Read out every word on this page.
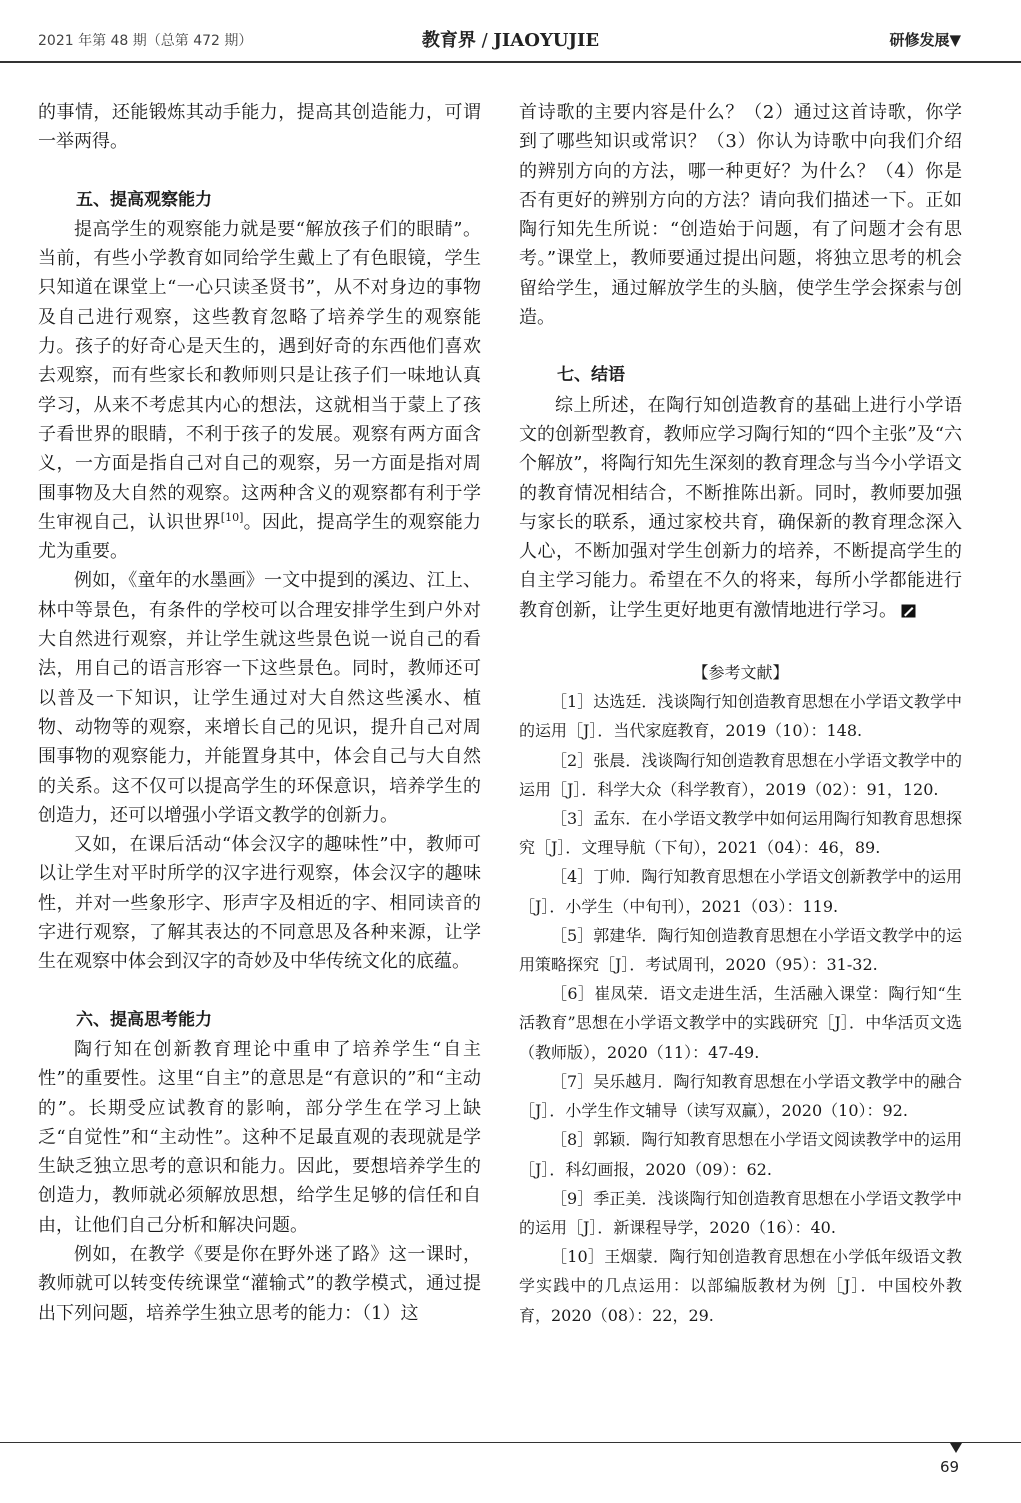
2021 年第 48 期（总第 472 期）	教育界 / JIAOYUJIE	研修发展▼

的事情，还能锻炼其动手能力，提高其创造能力，可谓一举两得。

五、提高观察能力

提高学生的观察能力就是要“解放孩子们的眼睛”。当前，有些小学教育如同给学生戴上了有色眼镜，学生只知道在课堂上“一心只读圣贤书”，从不对身边的事物及自己进行观察，这些教育忽略了培养学生的观察能力。孩子的好奇心是天生的，遇到好奇的东西他们喜欢去观察，而有些家长和教师则只是让孩子们一味地认真学习，从来不考虑其内心的想法，这就相当于蒙上了孩子看世界的眼睛，不利于孩子的发展。观察有两方面含义，一方面是指自己对自己的观察，另一方面是指对周围事物及大自然的观察。这两种含义的观察都有利于学生审视自己，认识世界[10]。因此，提高学生的观察能力尤为重要。

例如，《童年的水墨画》一文中提到的溪边、江上、林中等景色，有条件的学校可以合理安排学生到户外对大自然进行观察，并让学生就这些景色说一说自己的看法，用自己的语言形容一下这些景色。同时，教师还可以普及一下知识，让学生通过对大自然这些溪水、植物、动物等的观察，来增长自己的见识，提升自己对周围事物的观察能力，并能置身其中，体会自己与大自然的关系。这不仅可以提高学生的环保意识，培养学生的创造力，还可以增强小学语文教学的创新力。

又如，在课后活动“体会汉字的趣味性”中，教师可以让学生对平时所学的汉字进行观察，体会汉字的趣味性，并对一些象形字、形声字及相近的字、相同读音的字进行观察，了解其表达的不同意思及各种来源，让学生在观察中体会到汉字的奇妙及中华传统文化的底蕴。

六、提高思考能力

陶行知在创新教育理论中重申了培养学生“自主性”的重要性。这里“自主”的意思是“有意识的”和“主动的”。长期受应试教育的影响，部分学生在学习上缺乏“自觉性”和“主动性”。这种不足最直观的表现就是学生缺乏独立思考的意识和能力。因此，要想培养学生的创造力，教师就必须解放思想，给学生足够的信任和自由，让他们自己分析和解决问题。

例如，在教学《要是你在野外迷了路》这一课时，教师就可以转变传统课堂“灌输式”的教学模式，通过提出下列问题，培养学生独立思考的能力：（1）这

首诗歌的主要内容是什么？（2）通过这首诗歌，你学到了哪些知识或常识？（3）你认为诗歌中向我们介绍的辨别方向的方法，哪一种更好？为什么？（4）你是否有更好的辨别方向的方法？请向我们描述一下。正如陶行知先生所说：“创造始于问题，有了问题才会有思考。”课堂上，教师要通过提出问题，将独立思考的机会留给学生，通过解放学生的头脑，使学生学会探索与创造。

七、结语

综上所述，在陶行知创造教育的基础上进行小学语文的创新型教育，教师应学习陶行知的“四个主张”及“六个解放”，将陶行知先生深刻的教育理念与当今小学语文的教育情况相结合，不断推陈出新。同时，教师要加强与家长的联系，通过家校共育，确保新的教育理念深入人心，不断加强对学生创新力的培养，不断提高学生的自主学习能力。希望在不久的将来，每所小学都能进行教育创新，让学生更好地更有激情地进行学习。

【参考文献】

［1］达选廷．浅谈陶行知创造教育思想在小学语文教学中的运用［J］．当代家庭教育，2019（10）：148.

［2］张晨．浅谈陶行知创造教育思想在小学语文教学中的运用［J］．科学大众（科学教育），2019（02）：91，120.

［3］孟东．在小学语文教学中如何运用陶行知教育思想探究［J］．文理导航（下旬），2021（04）：46，89.

［4］丁帅．陶行知教育思想在小学语文创新教学中的运用［J］．小学生（中旬刊），2021（03）：119.

［5］郭建华．陶行知创造教育思想在小学语文教学中的运用策略探究［J］．考试周刊，2020（95）：31-32.

［6］崔凤荣．语文走进生活，生活融入课堂：陶行知“生活教育”思想在小学语文教学中的实践研究［J］．中华活页文选（教师版），2020（11）：47-49.

［7］吴乐越月．陶行知教育思想在小学语文教学中的融合［J］．小学生作文辅导（读写双赢），2020（10）：92.

［8］郭颖．陶行知教育思想在小学语文阅读教学中的运用［J］．科幻画报，2020（09）：62.

［9］季正美．浅谈陶行知创造教育思想在小学语文教学中的运用［J］．新课程导学，2020（16）：40.

［10］王烟蒙．陶行知创造教育思想在小学低年级语文教学实践中的几点运用：以部编版教材为例［J］．中国校外教育，2020（08）：22，29.

69
